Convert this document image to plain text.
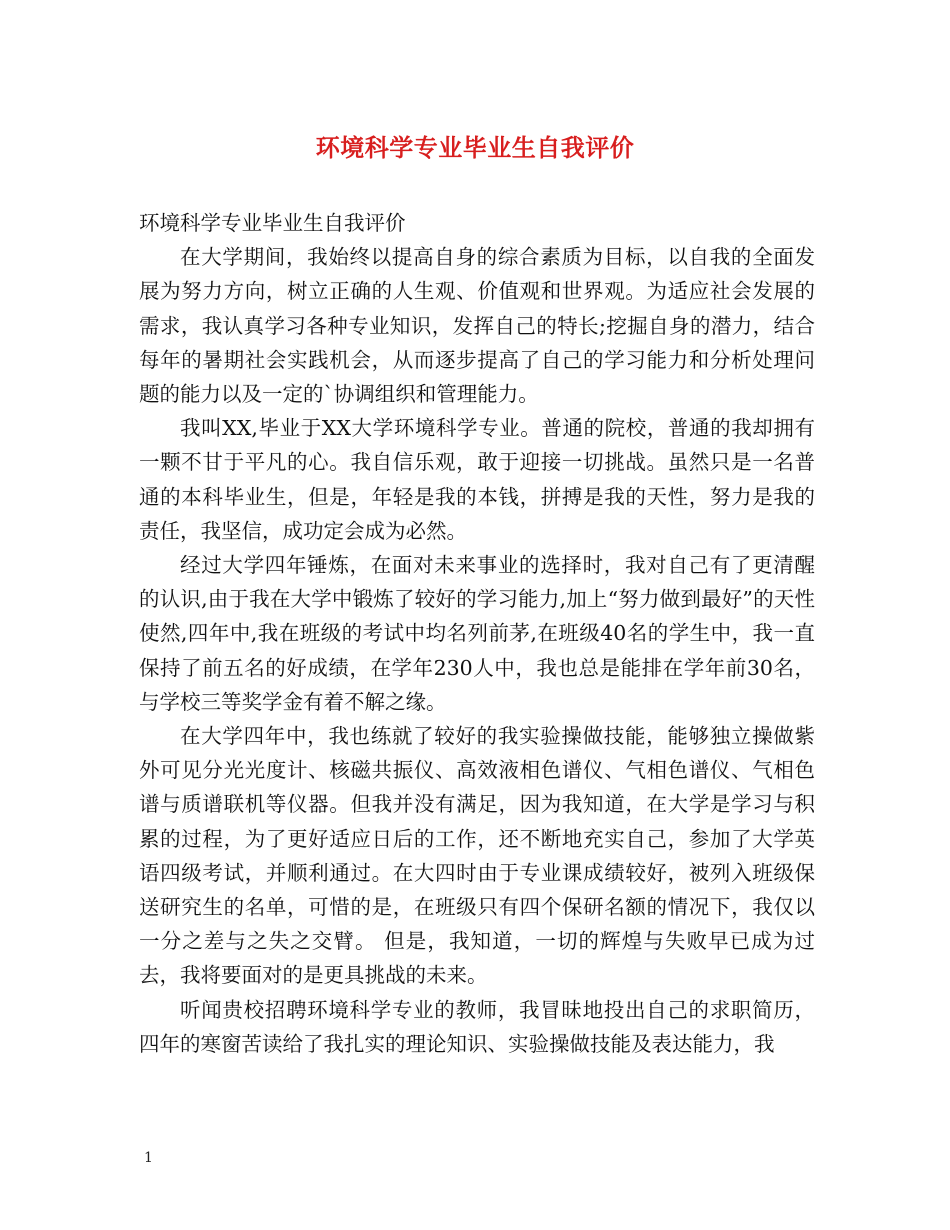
环境科学专业毕业生自我评价

环境科学专业毕业生自我评价

在大学期间，我始终以提高自身的综合素质为目标，以自我的全面发展为努力方向，树立正确的人生观、价值观和世界观。为适应社会发展的需求，我认真学习各种专业知识，发挥自己的特长;挖掘自身的潜力，结合每年的暑期社会实践机会，从而逐步提高了自己的学习能力和分析处理问题的能力以及一定的`协调组织和管理能力。

我叫XX,毕业于XX大学环境科学专业。普通的院校，普通的我却拥有一颗不甘于平凡的心。我自信乐观，敢于迎接一切挑战。虽然只是一名普通的本科毕业生，但是，年轻是我的本钱，拼搏是我的天性，努力是我的责任，我坚信，成功定会成为必然。

经过大学四年锤炼，在面对未来事业的选择时，我对自己有了更清醒的认识,由于我在大学中锻炼了较好的学习能力,加上“努力做到最好”的天性使然,四年中,我在班级的考试中均名列前茅,在班级40名的学生中，我一直保持了前五名的好成绩，在学年230人中，我也总是能排在学年前30名，与学校三等奖学金有着不解之缘。

在大学四年中，我也练就了较好的我实验操做技能，能够独立操做紫外可见分光光度计、核磁共振仪、高效液相色谱仪、气相色谱仪、气相色谱与质谱联机等仪器。但我并没有满足，因为我知道，在大学是学习与积累的过程，为了更好适应日后的工作，还不断地充实自己，参加了大学英语四级考试，并顺利通过。在大四时由于专业课成绩较好，被列入班级保送研究生的名单，可惜的是，在班级只有四个保研名额的情况下，我仅以一分之差与之失之交臂。 但是，我知道，一切的辉煌与失败早已成为过去，我将要面对的是更具挑战的未来。

听闻贵校招聘环境科学专业的教师，我冒昧地投出自己的求职简历，四年的寒窗苦读给了我扎实的理论知识、实验操做技能及表达能力，我

1
